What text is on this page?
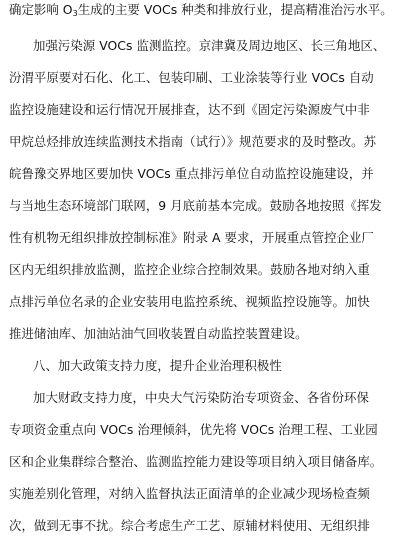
确定影响 $O_3$生成的主要 VOCs 种类和排放行业，提高精准治污水平。
加强污染源 VOCs 监测监控。京津冀及周边地区、长三角地区、
汾渭平原要对石化、化工、包装印刷、工业涂装等行业 VOCs 自动
监控设施建设和运行情况开展排查，达不到《固定污染源废气中非
甲烷总烃排放连续监测技术指南（试行）》规范要求的及时整改。苏
皖鲁豫交界地区要加快 VOCs 重点排污单位自动监控设施建设，并
与当地生态环境部门联网，9 月底前基本完成。鼓励各地按照《挥发
性有机物无组织排放控制标准》附录 A 要求，开展重点管控企业厂
区内无组织排放监测，监控企业综合控制效果。鼓励各地对纳入重
点排污单位名录的企业安装用电监控系统、视频监控设施等。加快
推进储油库、加油站油气回收装置自动监控装置建设。
八、加大政策支持力度，提升企业治理积极性
加大财政支持力度，中央大气污染防治专项资金、各省份环保
专项资金重点向 VOCs 治理倾斜，优先将 VOCs 治理工程、工业园
区和企业集群综合整治、监测监控能力建设等项目纳入项目储备库。
实施差别化管理，对纳入监督执法正面清单的企业减少现场检查频
次，做到无事不扰。综合考虑生产工艺、原辅材料使用、无组织排
